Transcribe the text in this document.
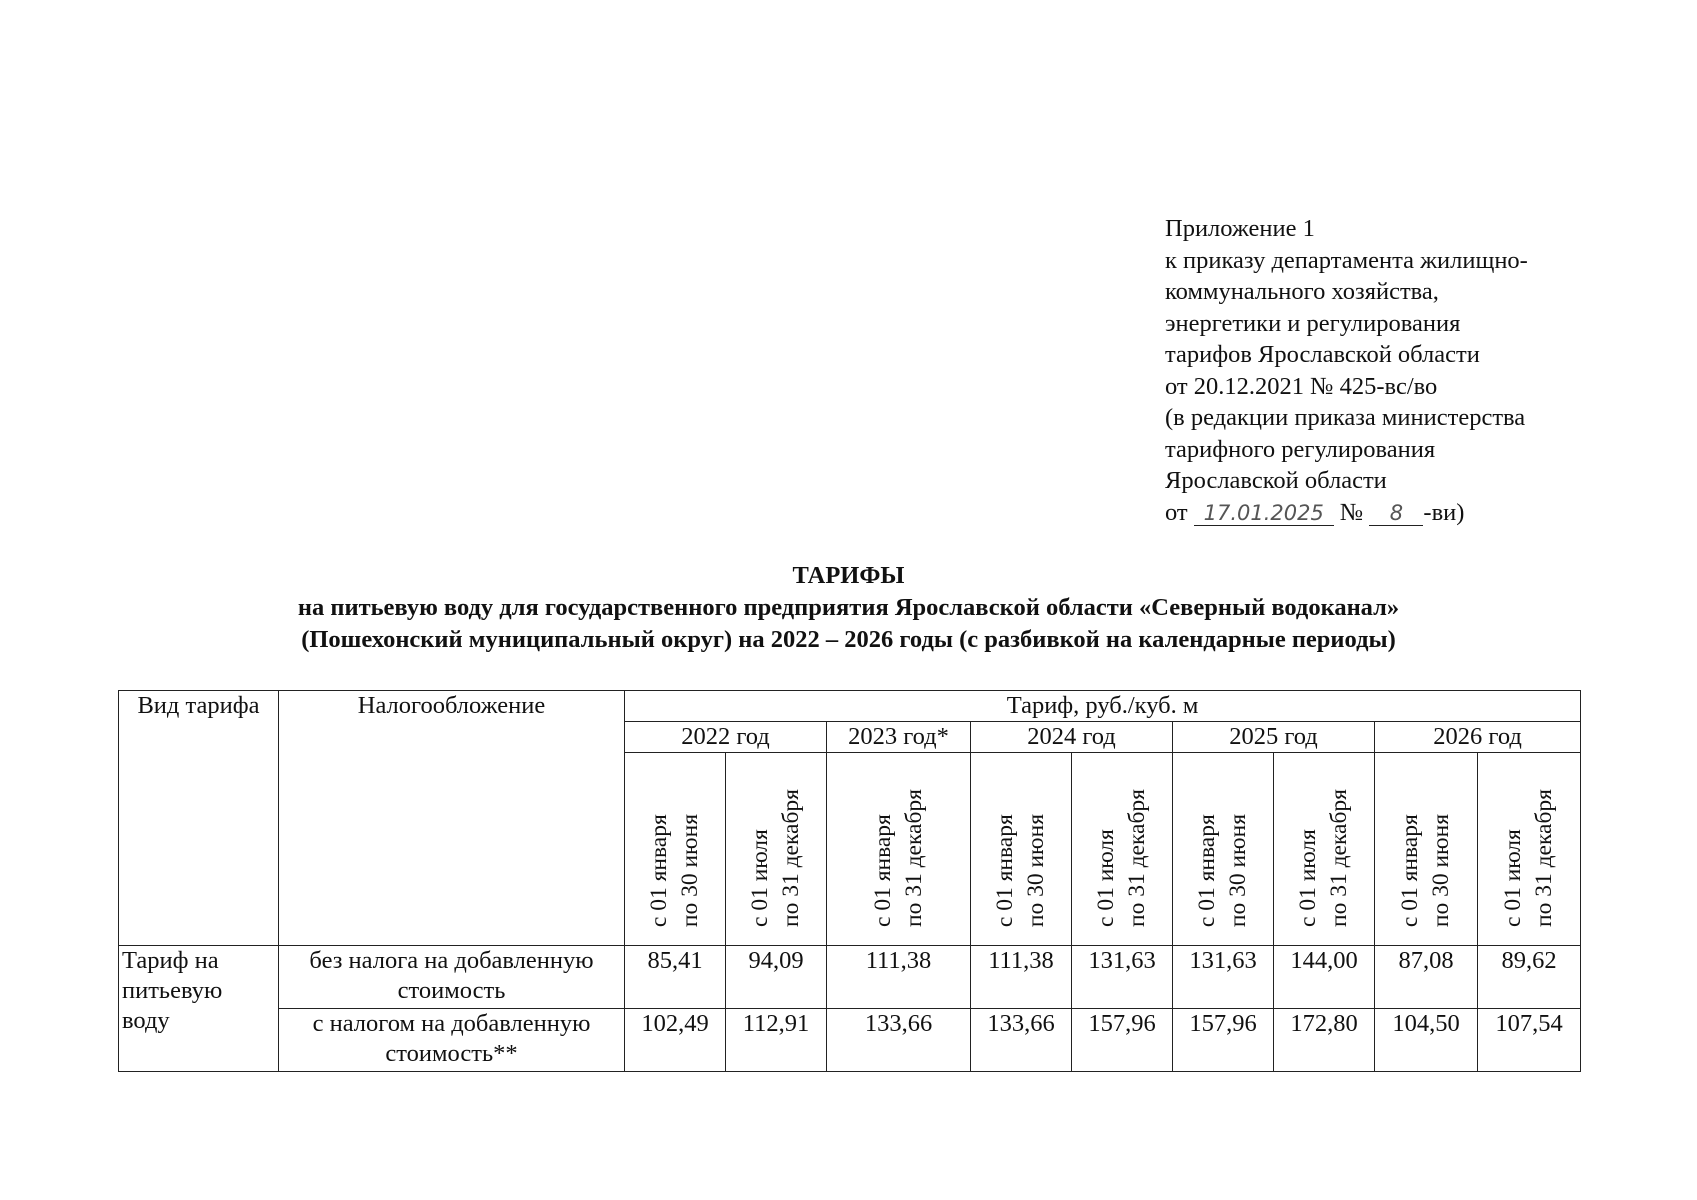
Приложение 1
к приказу департамента жилищно-
коммунального хозяйства,
энергетики и регулирования
тарифов Ярославской области
от 20.12.2021 № 425-вс/во
(в редакции приказа министерства
тарифного регулирования
Ярославской области
от 17.01.2025 № 8 -ви)
ТАРИФЫ
на питьевую воду для государственного предприятия Ярославской области «Северный водоканал»
(Пошехонский муниципальный округ) на 2022 – 2026 годы (с разбивкой на календарные периоды)
Вид тарифа	Налогообложение	Тариф, руб./куб. м								
		2022 год		2023 год*	2024 год		2025 год		2026 год	

		с 01 января по 30 июня	с 01 июля по 31 декабря	с 01 января по 31 декабря	с 01 января по 30 июня	с 01 июля по 31 декабря	с 01 января по 30 июня	с 01 июля по 31 декабря	с 01 января по 30 июня	с 01 июля по 31 декабря

Тариф на
питьевую
воду	без налога на добавленную
стоимость	85,41	94,09	111,38	111,38	131,63	131,63	144,00	87,08	89,62

	с налогом на добавленную
стоимость**	102,49	112,91	133,66	133,66	157,96	157,96	172,80	104,50	107,54
